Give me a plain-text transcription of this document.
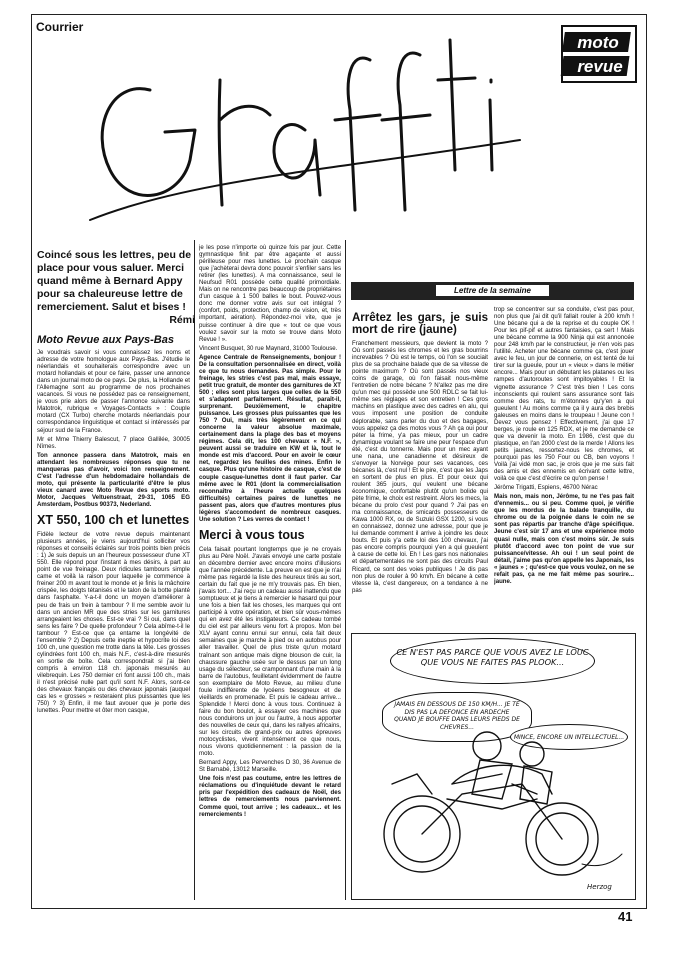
Courrier
moto
revue
Coincé sous les lettres, peu de place pour vous saluer. Merci quand même à Bernard Appy pour sa chaleureuse lettre de remerciement. Salut et bises !
Rémi
Moto Revue aux Pays-Bas

Je voudrais savoir si vous connaissez les noms et adresse de votre homologue aux Pays-Bas. J'étudie le néerlandais et souhaiterais correspondre avec un motard hollandais et pour ce faire, passer une annonce dans un journal moto de ce pays. De plus, la Hollande et l'Allemagne sont au programme de nos prochaines vacances. Si vous ne possédez pas ce renseignement, je vous prie alors de passer l'annonce suivante dans Matotrok, rubrique « Voyages-Contacts » : Couple motard (CX Turbo) cherche motards néerlandais pour correspondance linguistique et contact si intéressés par séjour sud de la France.

Mr et Mme Thierry Balescut, 7 place Gallilée, 30005 Nîmes.

Ton annonce passera dans Matotrok, mais en attendant les nombreuses réponses que tu ne manqueras pas d'avoir, voici ton renseignement. C'est l'adresse d'un hebdomadaire hollandais de moto, qui présente la particularité d'être le plus vieux canard avec Moto Revue des sports moto. Motor, Jacques Veltuenstraat, 29-31, 1065 EG Amsterdam, Postbus 90373, Nederland.

XT 550, 100 ch et lunettes

Fidèle lecteur de votre revue depuis maintenant plusieurs années, je viens aujourd'hui solliciter vos réponses et conseils éclairés sur trois points bien précis : 1) Je suis depuis un an l'heureux possesseur d'une XT 550. Elle répond pour l'instant à mes désirs, à part au point de vue freinage. Deux ridicules tambours simple came et voilà la raison pour laquelle je commence à freiner 200 m avant tout le monde et je finis la mâchoire crispée, les doigts tétanisés et le talon de la botte planté dans l'asphalte. Y-a-t-il donc un moyen d'améliorer à peu de frais un frein à tambour ? Il me semble avoir lu dans un ancien MR que des stries sur les garnitures arrangeaient les choses. Est-ce vrai ? Si oui, dans quel sens les faire ? De quelle profondeur ? Cela abîme-t-il le tambour ? Est-ce que ça entame la longévité de l'ensemble ? 2) Depuis cette ineptie et hypocrite loi des 100 ch, une question me trotte dans la tête. Les grosses cylindrées font 100 ch, mais N.F., c'est-à-dire mesurés en sortie de boîte. Cela correspondrait si j'ai bien compris à environ 118 ch. japonais mesurés au vilebrequin. Les 750 dernier cri font aussi 100 ch., mais il n'est précisé nulle part qu'il sont N.F. Alors, sont-ce des chevaux français ou des chevaux japonais (auquel cas les « grosses » resteraient plus puissantes que les 750) ? 3) Enfin, il me faut avouer que je porte des lunettes. Pour mettre et ôter mon casque,

je les pose n'importe où quinze fois par jour. Cette gymnastique finit par être agaçante et aussi périlleuse pour mes lunettes. Le prochain casque que j'achèterai devra donc pouvoir s'enfiler sans les retirer (les lunettes). A ma connaissance, seul le Neufsud R01 possède cette qualité primordiale. Mais on ne rencontre pas beaucoup de propriétaires d'un casque à 1 500 balles le bout. Pouvez-vous donc me donner votre avis sur cet intégral ? (confort, poids, protection, champ de vision, et, très important, aération). Répondez-moi vite, que je puisse continuer à dire que « tout ce que vous voulez savoir sur la moto se trouve dans Moto Revue ! ».

Vincent Busquet, 30 rue Maynard, 31000 Toulouse.

Agence Centrale de Renseignements, bonjour ! De la consultation personnalisée en direct, voilà ce que tu nous demandes. Pas simple. Pour le freinage, les stries c'est pas mal, mais essaye, petit truc gratuit, de monter des garnitures de XT 500 ; elles sont plus larges que celles de la 550 et s'adaptent parfaitement. Résultat, paraît-il, surprenant. Deuxièmement, le chapitre puissance. Les grosses plus puissantes que les 750 ? Oui, mais très légèrement en ce qui concerne la valeur absolue maximale, certainement dans la plage des bas et moyens régimes. Cela dit, les 100 chevaux « N.F. », peuvent aussi se traduire en KW et là, tout le monde est mis d'accord. Pour en avoir le cœur net, regardez les feuilles des mines. Enfin le casque. Plus qu'une histoire de casque, c'est de couple casque-lunettes dont il faut parler. Car même avec le R01 (dont la commercialisation reconnaître à l'heure actuelle quelques difficultés) certaines paires de lunettes ne passent pas, alors que d'autres montures plus légères s'accomodent de nombreux casques. Une solution ? Les verres de contact !

Merci à vous tous

Cela faisait pourtant longtemps que je ne croyais plus au Père Noël. J'avais envoyé une carte postale en décembre dernier avec encore moins d'illusions que l'année précédente. La preuve en est que je n'ai même pas regardé la liste des heureux tirés au sort, certain du fait que je ne m'y trouvais pas. Eh bien, j'avais tort... J'ai reçu un cadeau aussi inattendu que somptueux et je tiens à remercier le hasard qui pour une fois a bien fait les choses, les marques qui ont participé à votre opération, et bien sûr vous-mêmes qui en avez été les instigateurs. Ce cadeau tombé du ciel est par ailleurs venu fort à propos. Mon bel XLV ayant connu ennui sur ennui, cela fait deux semaines que je marche à pied ou en autobus pour aller travailler. Quel de plus triste qu'un motard traînant son antique mais digne blouson de cuir, la chaussure gauche usée sur le dessus par un long usage du sélecteur, se cramponnant d'une main à la barre de l'autobus, feuilletant évidemment de l'autre son exemplaire de Moto Revue, au milieu d'une foule indifférente de lycéens besogneux et de vieillards en promenade. Et puis le cadeau arrive... Splendide ! Merci donc à vous tous. Continuez à faire du bon boulot, à essayer ces machines que nous conduirons un jour ou l'autre, à nous apporter des nouvelles de ceux qui, dans les rallyes africains, sur les circuits de grand-prix ou autres épreuves motocyclistes, vivent intensément ce que nous, nous vivons quotidiennement : la passion de la moto.

Bernard Appy, Les Pervenches D 30, 36 Avenue de St Barnabé, 13012 Marseille.

Une fois n'est pas coutume, entre les lettres de réclamations ou d'inquiétude devant le retard pris par l'expédition des cadeaux de Noël, des lettres de remerciements nous parviennent. Comme quoi, tout arrive ; les cadeaux... et les remerciements !

Lettre de la semaine
Arrêtez les gars, je suis mort de rire (jaune)

Franchement messieurs, que devient la moto ? Où sont passés les chromes et les gras bourrins increvables ? Où est le temps, où l'on se souciait plus de sa prochaine balade que de sa vitesse de pointe maximum ? Où sont passés nos vieux coins de garage, où l'on faisait nous-même l'entretien de notre bécane ? N'allez pas me dire qu'un mec qui possède une 500 RDLC se fait lui-même ses réglages et son entretien ! Ces gros machins en plastique avec des cadres en alu, qui vous imposent une position de conduite déplorable, sans parler du duo et des bagages, vous appelez ça des motos vous ? Ah ça oui pour péter la frime, y'a pas mieux, pour un cadre dynamique voulant se faire une peur l'espace d'un été, c'est du tonnerre. Mais pour un mec ayant une nana, une canadienne et désireux de s'envoyer la Norvège pour ses vacances, ces bécanes là, c'est nul ! Et le pire, c'est que les Japs en sortent de plus en plus. Et pour ceux qui roulent 365 jours, qui veulent une bécane économique, confortable plutôt qu'un bolide qui pète frime, le choix est restreint. Alors les mecs, la bécane du prolo c'est pour quand ? J'ai pas en ma connaissance, de smicards possesseurs de Kawa 1000 RX, ou de Suzuki GSX 1200, si vous en connaissez, donnez une adresse, pour que je lui demande comment il arrive à joindre les deux bouts. Et puis y'a cette loi des 100 chevaux, j'ai pas encore compris pourquoi y'en a qui gueulent à cause de cette loi. Eh ! Les gars nos nationales et départementales ne sont pas des circuits Paul Ricard, ce sont des voies publiques ! Je dis pas non plus de rouler à 90 km/h. En bécane à cette vitesse là, c'est dangereux, on a tendance à ne pas

trop se concentrer sur sa conduite, c'est pas pour, non plus que j'ai dit qu'il fallait rouler à 200 km/h ! Une bécane qui a de la reprise et du couple OK ! Pour les pif-pif et autres fantaisies, ça sert ! Mais une bécane comme la 900 Ninja qui est annoncée pour 248 km/h par le constructeur, je n'en vois pas l'utilité. Acheter une bécane comme ça, c'est jouer avec le feu, un jour de connerie, on est tenté de lui tirer sur la gueule, pour un « vieux » dans le métier encore... Mais pour un débutant les platanes ou les rampes d'autoroutes sont impitoyables ! Et la vignette assurance ? C'est très bien ! Les cons inconscients qui roulent sans assurance sont fais comme des rats, tu m'étonnes qu'y'en a qui gueulent ! Au moins comme ça il y aura des brebis galeuses en moins dans le troupeau ! Jeune con ! Devez vous pensez ! Effectivement, j'ai que 17 berges, je roule en 125 RDX, et je me demande ce que va devenir la moto. En 1986, c'est que du plastique, en l'an 2000 c'est de la merde ! Allons les petits jaunes, ressortez-nous les chromes, et pourquoi pas les 750 Four ou CB, ben voyons ! Voilà j'ai vidé mon sac, je crois que je me suis fait des amis et des ennemis en écrivant cette lettre, voilà ce que c'est d'écrire ce qu'on pense !

Jérôme Trigatti, Espiens, 46700 Nérac

Mais non, mais non, Jérôme, tu ne t'es pas fait d'ennemis... ou si peu. Comme quoi, je vérifie que les mordus de la balade tranquille, du chrome ou de la poignée dans le coin ne se sont pas répartis par tranche d'âge spécifique. Jeune c'est sûr 17 ans et une expérience moto quasi nulle, mais con c'est moins sûr. Je suis plutôt d'accord avec ton point de vue sur puissance/vitesse. Ah oui ! un seul point de détail, j'aime pas qu'on appelle les Japonais, les « jaunes » ; qu'est-ce que vous voulez, on ne se refait pas, ça ne me fait même pas sourire... jaune.

CE N'EST PAS PARCE QUE VOUS AVEZ LE LOUC QUE VOUS NE FAITES PAS PLOOK...
JAMAIS EN DESSOUS DE 150 KM/H... JE TE DIS PAS LA DEFONCE EN ARDECHE QUAND JE BOUFFE DANS LEURS PIEDS DE CHEVRES...
MINCE, ENCORE UN INTELLECTUEL...
Herzog
41
